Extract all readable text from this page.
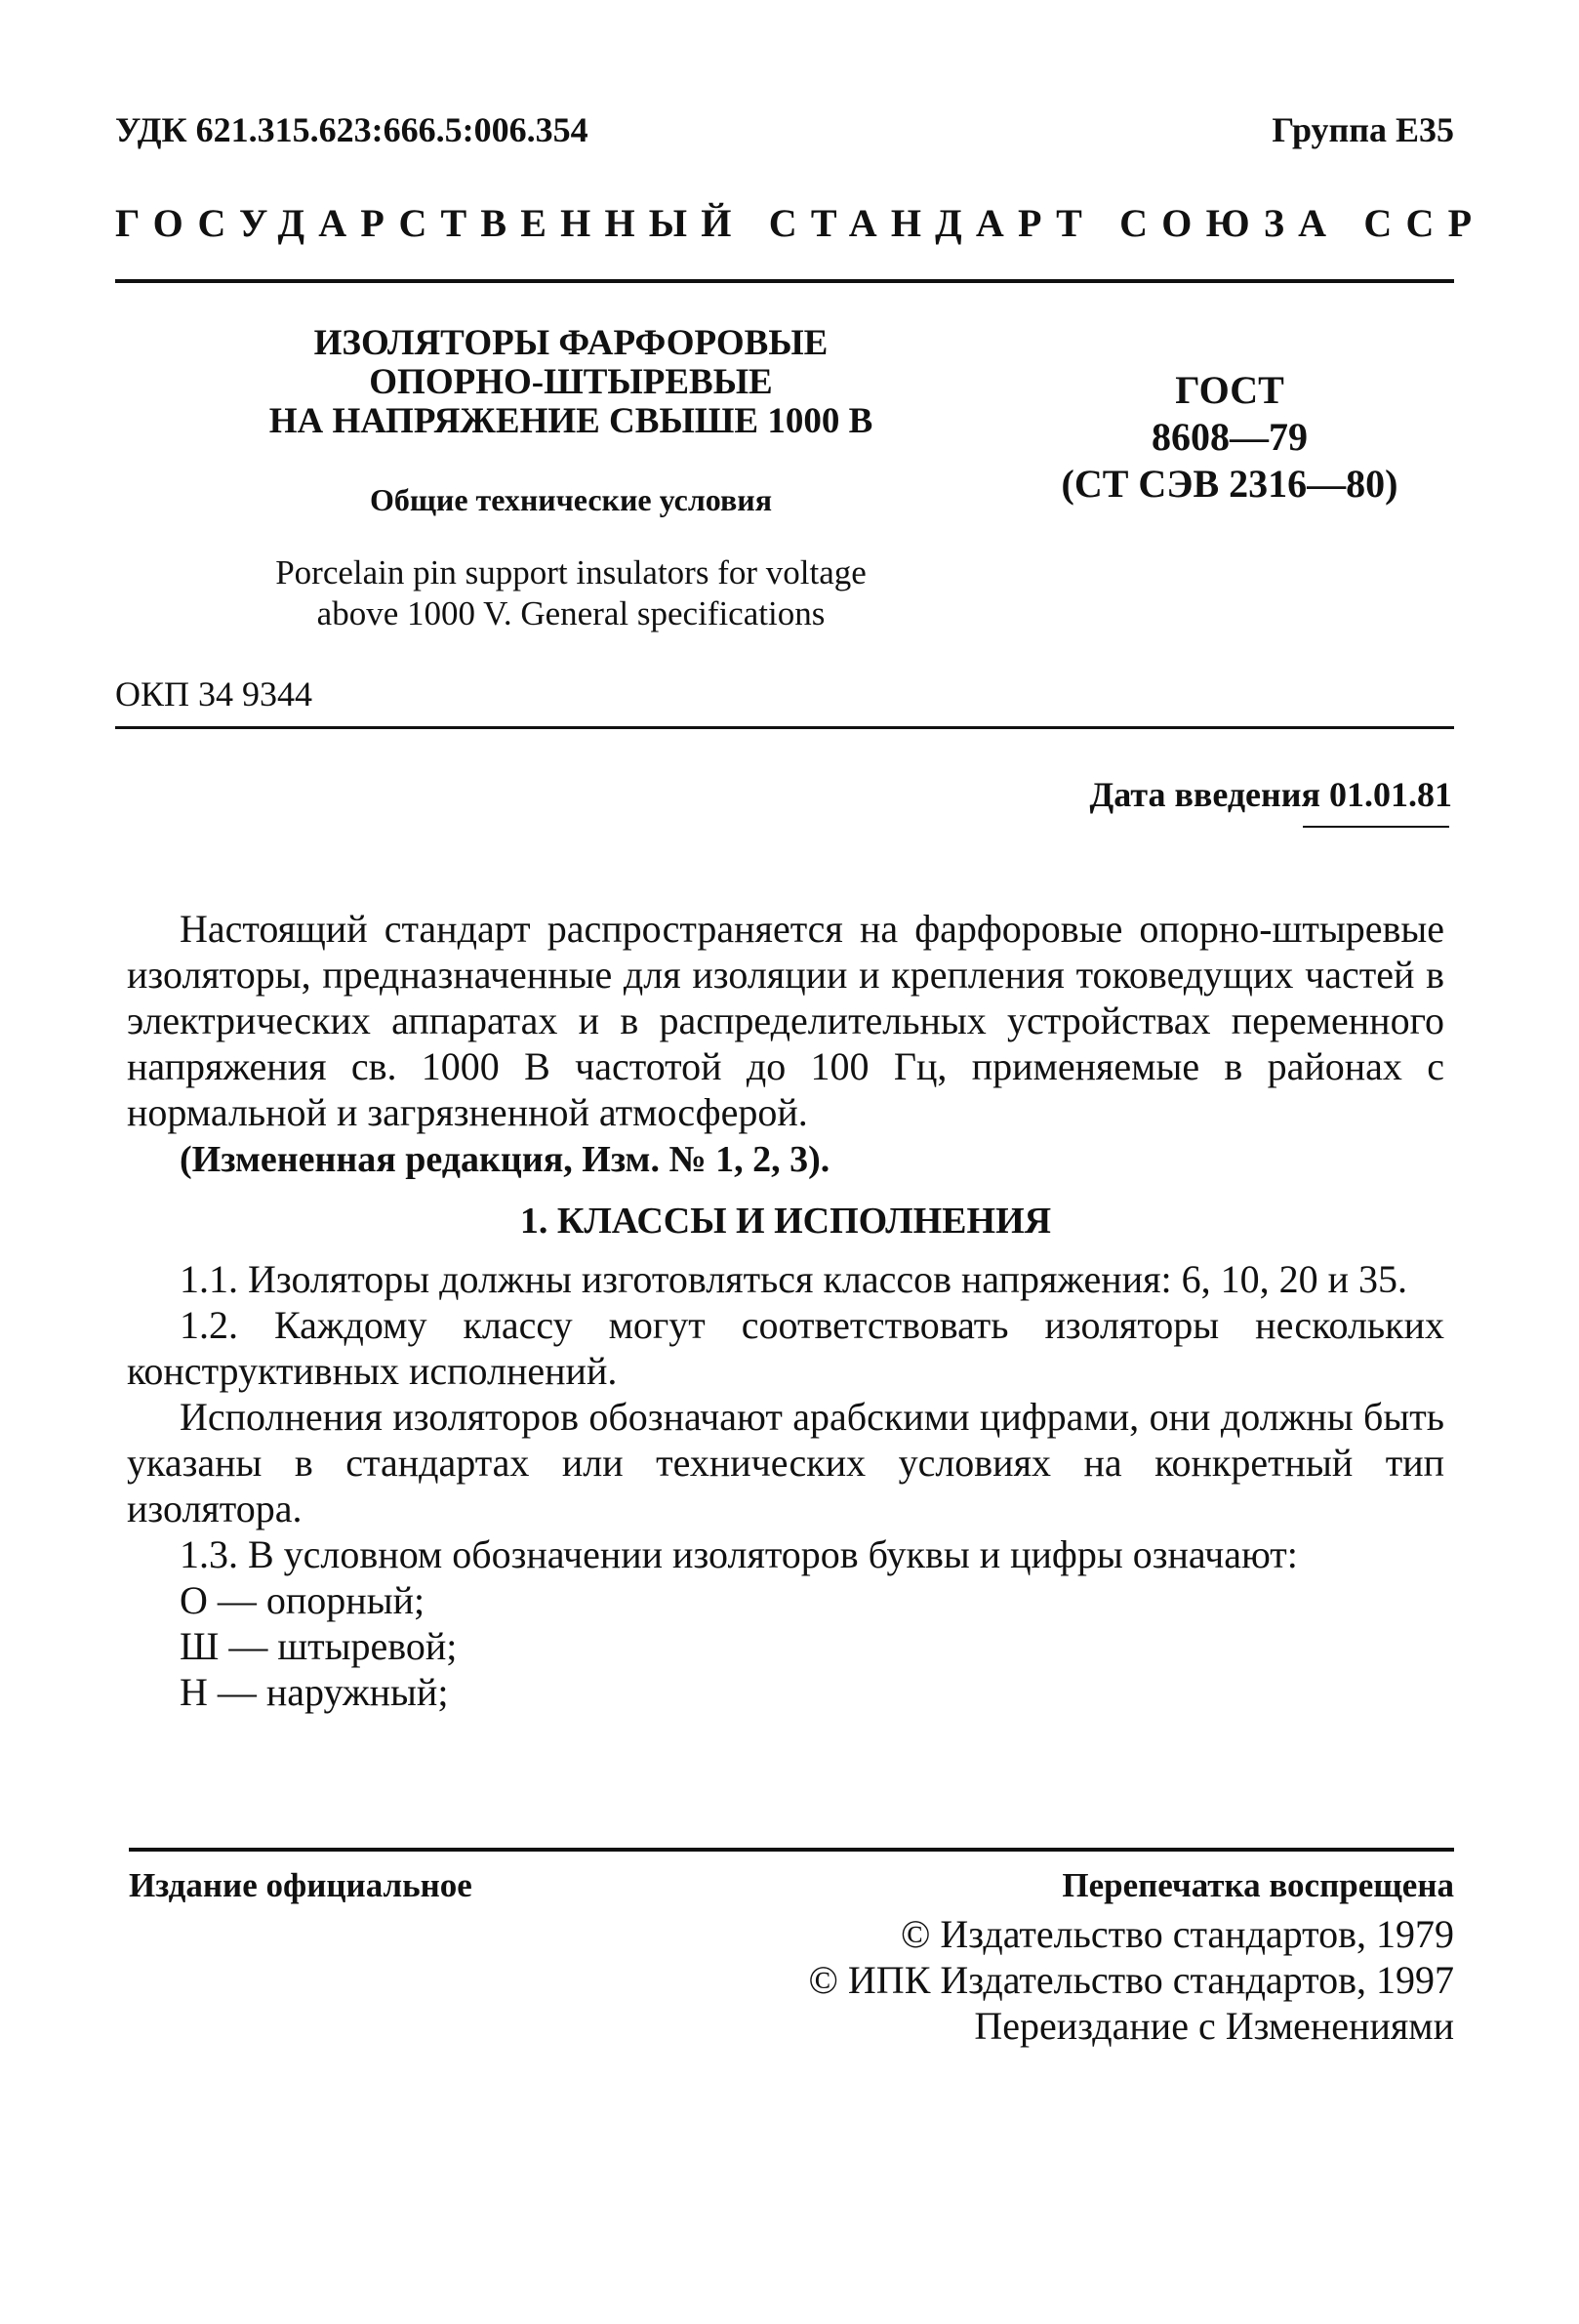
УДК 621.315.623:666.5:006.354	Группа Е35
ГОСУДАРСТВЕННЫЙ СТАНДАРТ СОЮЗА ССР
ИЗОЛЯТОРЫ ФАРФОРОВЫЕ
ОПОРНО-ШТЫРЕВЫЕ
НА НАПРЯЖЕНИЕ СВЫШЕ 1000 В
Общие технические условия
Porcelain pin support insulators for voltage
above 1000 V. General specifications
ГОСТ
8608—79
(СТ СЭВ 2316—80)
ОКП 34 9344
Дата введения 01.01.81

Настоящий стандарт распространяется на фарфоровые опорно-штыревые изоляторы, предназначенные для изоляции и крепления токоведущих частей в электрических аппаратах и в распределительных устройствах переменного напряжения св. 1000 В частотой до 100 Гц, применяемые в районах с нормальной и загрязненной атмосферой.

(Измененная редакция, Изм. № 1, 2, 3).

1. КЛАССЫ И ИСПОЛНЕНИЯ

1.1. Изоляторы должны изготовляться классов напряжения: 6, 10, 20 и 35.

1.2. Каждому классу могут соответствовать изоляторы нескольких конструктивных исполнений.

Исполнения изоляторов обозначают арабскими цифрами, они должны быть указаны в стандартах или технических условиях на конкретный тип изолятора.

1.3. В условном обозначении изоляторов буквы и цифры означают:

О — опорный;

Ш — штыревой;

Н — наружный;

Издание официальное	Перепечатка воспрещена
© Издательство стандартов, 1979
© ИПК Издательство стандартов, 1997
Переиздание с Изменениями
